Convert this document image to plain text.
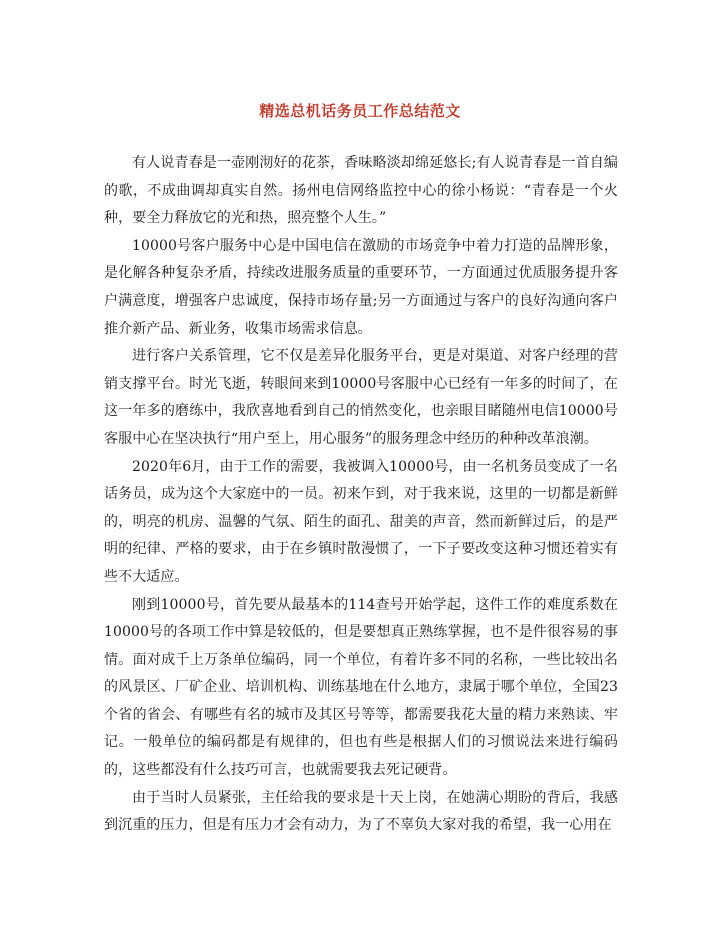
精选总机话务员工作总结范文

有人说青春是一壶刚沏好的花茶，香味略淡却绵延悠长;有人说青春是一首自编的歌，不成曲调却真实自然。扬州电信网络监控中心的徐小杨说：“青春是一个火种，要全力释放它的光和热，照亮整个人生。”

10000号客户服务中心是中国电信在激励的市场竞争中着力打造的品牌形象，是化解各种复杂矛盾，持续改进服务质量的重要环节，一方面通过优质服务提升客户满意度，增强客户忠诚度，保持市场存量;另一方面通过与客户的良好沟通向客户推介新产品、新业务，收集市场需求信息。

进行客户关系管理，它不仅是差异化服务平台，更是对渠道、对客户经理的营销支撑平台。时光飞逝，转眼间来到10000号客服中心已经有一年多的时间了，在这一年多的磨练中，我欣喜地看到自己的悄然变化，也亲眼目睹随州电信10000号客服中心在坚决执行“用户至上，用心服务”的服务理念中经历的种种改革浪潮。

2020年6月，由于工作的需要，我被调入10000号，由一名机务员变成了一名话务员，成为这个大家庭中的一员。初来乍到，对于我来说，这里的一切都是新鲜的，明亮的机房、温馨的气氛、陌生的面孔、甜美的声音，然而新鲜过后，的是严明的纪律、严格的要求，由于在乡镇时散漫惯了，一下子要改变这种习惯还着实有些不大适应。

刚到10000号，首先要从最基本的114查号开始学起，这件工作的难度系数在10000号的各项工作中算是较低的，但是要想真正熟练掌握，也不是件很容易的事情。面对成千上万条单位编码，同一个单位，有着许多不同的名称，一些比较出名的风景区、厂矿企业、培训机构、训练基地在什么地方，隶属于哪个单位，全国23个省的省会、有哪些有名的城市及其区号等等，都需要我花大量的精力来熟读、牢记。一般单位的编码都是有规律的，但也有些是根据人们的习惯说法来进行编码的，这些都没有什么技巧可言，也就需要我去死记硬背。

由于当时人员紧张，主任给我的要求是十天上岗，在她满心期盼的背后，我感到沉重的压力，但是有压力才会有动力，为了不辜负大家对我的希望，我一心用在
